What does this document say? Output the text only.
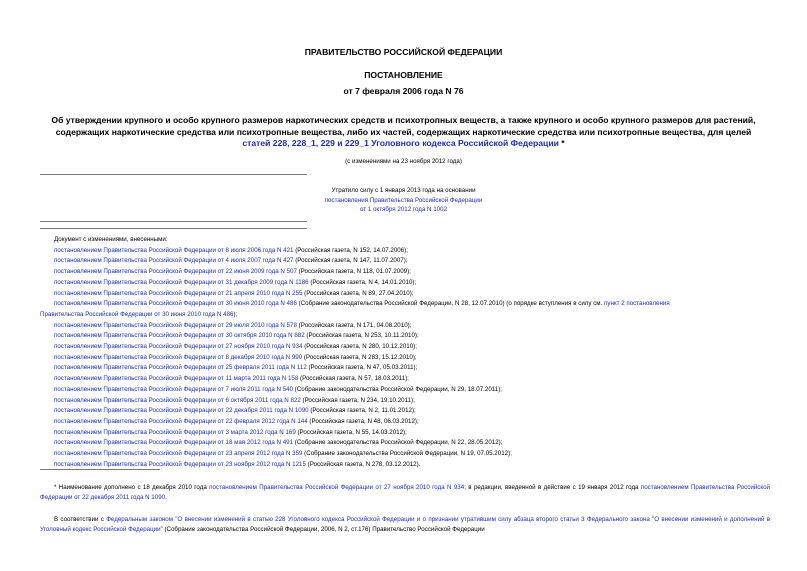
ПРАВИТЕЛЬСТВО РОССИЙСКОЙ ФЕДЕРАЦИИ
ПОСТАНОВЛЕНИЕ
от 7 февраля 2006 года N 76
Об утверждении крупного и особо крупного размеров наркотических средств и психотропных веществ, а также крупного и особо крупного размеров для растений, содержащих наркотические средства или психотропные вещества, либо их частей, содержащих наркотические средства или психотропные вещества, для целей
статей 228, 228_1, 229 и 229_1 Уголовного кодекса Российской Федерации *
(с изменениями на 23 ноября 2012 года)
Утратило силу с 1 января 2013 года на основании
постановления Правительства Российской Федерации
от 1 октября 2012 года N 1002
Документ с изменениями, внесенными:
постановлением Правительства Российской Федерации от 8 июля 2006 года N 421 (Российская газета, N 152, 14.07.2006);
постановлением Правительства Российской Федерации от 4 июля 2007 года N 427 (Российская газета, N 147, 11.07.2007);
постановлением Правительства Российской Федерации от 22 июня 2009 года N 507 (Российская газета, N 118, 01.07.2009);
постановлением Правительства Российской Федерации от 31 декабря 2009 года N 1186 (Российская газета, N 4, 14.01.2010);
постановлением Правительства Российской Федерации от 21 апреля 2010 года N 255 (Российская газета, N 89, 27.04.2010);
постановлением Правительства Российской Федерации от 30 июня 2010 года N 486 (Собрание законодательства Российской Федерации, N 28, 12.07.2010) (о порядке вступления в силу см. пункт 2 постановления
Правительства Российской Федерации от 30 июня 2010 года N 486);
постановлением Правительства Российской Федерации от 29 июля 2010 года N 578 (Российская газета, N 171, 04.08.2010);
постановлением Правительства Российской Федерации от 30 октября 2010 года N 882 (Российская газета, N 253, 10.11.2010);
постановлением Правительства Российской Федерации от 27 ноября 2010 года N 934 (Российская газета, N 280, 10.12.2010);
постановлением Правительства Российской Федерации от 8 декабря 2010 года N 990 (Российская газета, N 283, 15.12.2010);
постановлением Правительства Российской Федерации от 25 февраля 2011 года N 112 (Российская газета, N 47, 05.03.2011);
постановлением Правительства Российской Федерации от 11 марта 2011 года N 158 (Российская газета, N 57, 18.03.2011);
постановлением Правительства Российской Федерации от 7 июля 2011 года N 540 (Собрание законодательства Российской Федерации, N 29, 18.07.2011);
постановлением Правительства Российской Федерации от 6 октября 2011 года N 822 (Российская газета, N 234, 19.10.2011);
постановлением Правительства Российской Федерации от 22 декабря 2011 года N 1090 (Российская газета, N 2, 11.01.2012);
постановлением Правительства Российской Федерации от 22 февраля 2012 года N 144 (Российская газета, N 48, 06.03.2012);
постановлением Правительства Российской Федерации от 3 марта 2012 года N 169 (Российская газета, N 55, 14.03.2012);
постановлением Правительства Российской Федерации от 18 мая 2012 года N 491 (Собрание законодательства Российской Федерации, N 22, 28.05.2012);
постановлением Правительства Российской Федерации от 23 апреля 2012 года N 359 (Собрание законодательства Российской Федерации, N 19, 07.05.2012);
постановлением Правительства Российской Федерации от 23 ноября 2012 года N 1215 (Российская газета, N 278, 03.12.2012).
* Наименование дополнено с 18 декабря 2010 года постановлением Правительства Российской Федерации от 27 ноября 2010 года N 934; в редакции, введенной в действие с 19 января 2012 года постановлением Правительства Российской Федерации от 22 декабря 2011 года N 1090.
В соответствии с Федеральным законом "О внесении изменений в статью 228 Уголовного кодекса Российской Федерации и о признании утратившим силу абзаца второго статьи 3 Федерального закона "О внесении изменений и дополнений в Уголовный кодекс Российской Федерации" (Собрание законодательства Российской Федерации, 2006, N 2, ст.176) Правительство Российской Федерации
